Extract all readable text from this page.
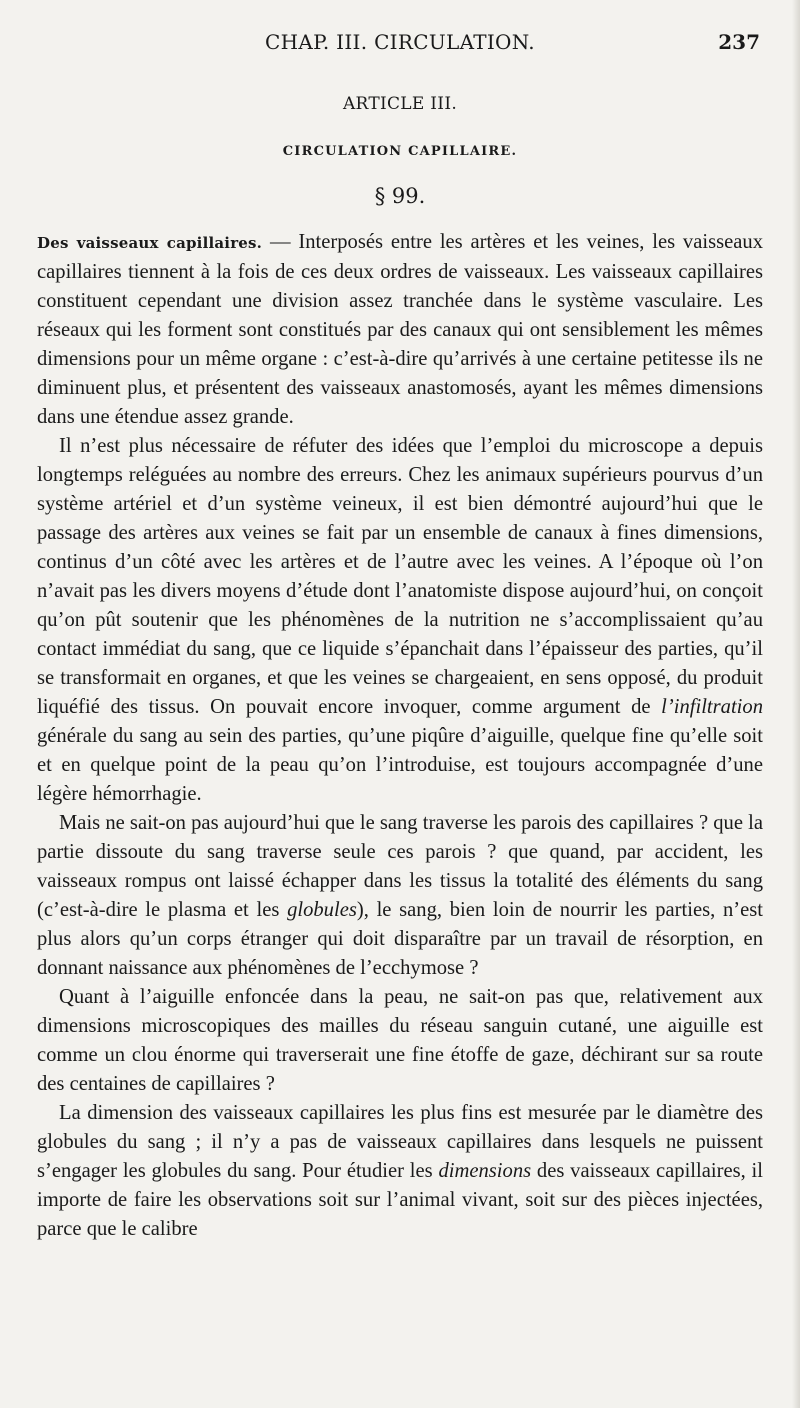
CHAP. III. CIRCULATION.	237
ARTICLE III.
CIRCULATION CAPILLAIRE.
§ 99.

Des vaisseaux capillaires. — Interposés entre les artères et les veines, les vaisseaux capillaires tiennent à la fois de ces deux ordres de vaisseaux. Les vaisseaux capillaires constituent cependant une division assez tranchée dans le système vasculaire. Les réseaux qui les forment sont constitués par des canaux qui ont sensiblement les mêmes dimensions pour un même organe : c’est-à-dire qu’arrivés à une certaine petitesse ils ne diminuent plus, et présentent des vaisseaux anastomosés, ayant les mêmes dimensions dans une étendue assez grande.

Il n’est plus nécessaire de réfuter des idées que l’emploi du microscope a depuis longtemps reléguées au nombre des erreurs. Chez les animaux supérieurs pourvus d’un système artériel et d’un système veineux, il est bien démontré aujourd’hui que le passage des artères aux veines se fait par un ensemble de canaux à fines dimensions, continus d’un côté avec les artères et de l’autre avec les veines. A l’époque où l’on n’avait pas les divers moyens d’étude dont l’anatomiste dispose aujourd’hui, on conçoit qu’on pût soutenir que les phénomènes de la nutrition ne s’accomplissaient qu’au contact immédiat du sang, que ce liquide s’épanchait dans l’épaisseur des parties, qu’il se transformait en organes, et que les veines se chargeaient, en sens opposé, du produit liquéfié des tissus. On pouvait encore invoquer, comme argument de l’infiltration générale du sang au sein des parties, qu’une piqûre d’aiguille, quelque fine qu’elle soit et en quelque point de la peau qu’on l’introduise, est toujours accompagnée d’une légère hémorrhagie.

Mais ne sait-on pas aujourd’hui que le sang traverse les parois des capillaires ? que la partie dissoute du sang traverse seule ces parois ? que quand, par accident, les vaisseaux rompus ont laissé échapper dans les tissus la totalité des éléments du sang (c’est-à-dire le plasma et les globules), le sang, bien loin de nourrir les parties, n’est plus alors qu’un corps étranger qui doit disparaître par un travail de résorption, en donnant naissance aux phénomènes de l’ecchymose ?

Quant à l’aiguille enfoncée dans la peau, ne sait-on pas que, relativement aux dimensions microscopiques des mailles du réseau sanguin cutané, une aiguille est comme un clou énorme qui traverserait une fine étoffe de gaze, déchirant sur sa route des centaines de capillaires ?

La dimension des vaisseaux capillaires les plus fins est mesurée par le diamètre des globules du sang ; il n’y a pas de vaisseaux capillaires dans lesquels ne puissent s’engager les globules du sang. Pour étudier les dimensions des vaisseaux capillaires, il importe de faire les observations soit sur l’animal vivant, soit sur des pièces injectées, parce que le calibre
